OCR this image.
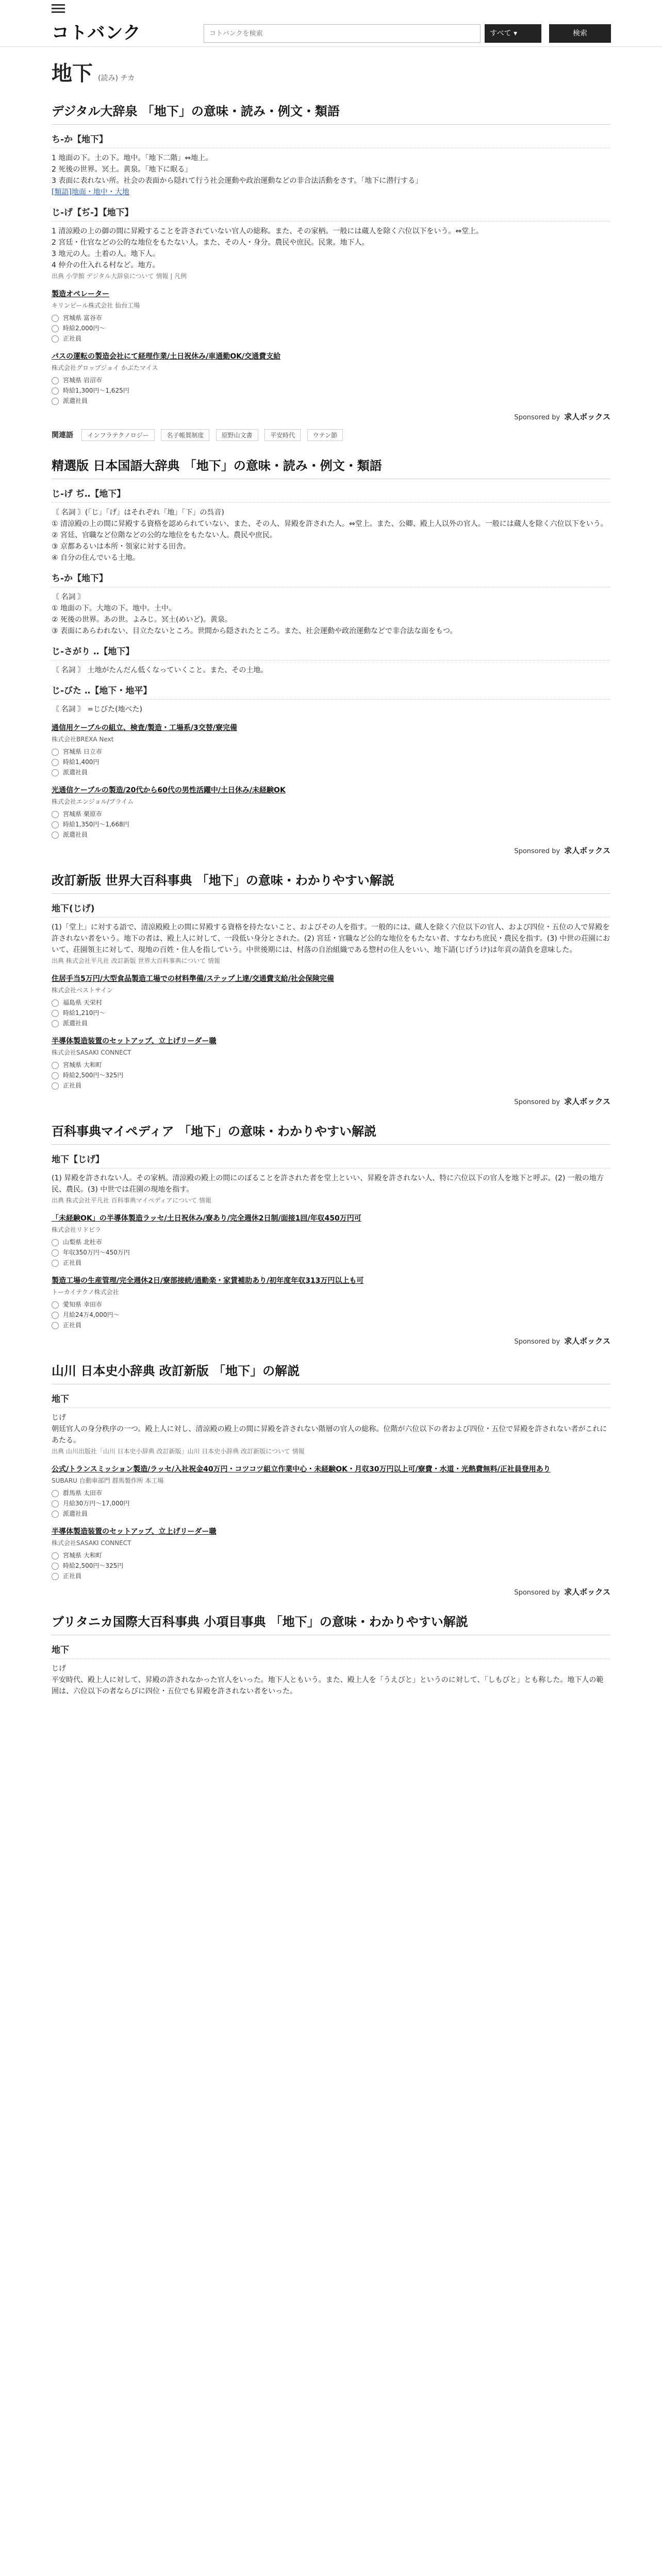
コトバンク
コトバンクを検索	すべて ▾	検索
地下 (読み) チカ
デジタル大辞泉 「地下」の意味・読み・例文・類語
ち-か【地下】
1 地面の下。土の下。地中。「地下二階」⇔地上。
2 死後の世界。冥土。黄泉。「地下に眠る」
3 表面に表れない所。社会の表面から隠れて行う社会運動や政治運動などの非合法活動をさす。「地下に潜行する」
[類語]地面・地中・大地
じ-げ【ぢ-】【地下】
1 清涼殿の上の御の間に昇殿することを許されていない官人の総称。また、その家柄。一般には蔵人を除く六位以下をいう。⇔堂上。
2 宮廷・仕官などの公的な地位をもたない人。また、その人・身分。農民や庶民。民衆。地下人。
3 地元の人。土着の人。地下人。
4 仲介の仕入れる村など。地方。
出典 小学館 デジタル大辞泉について 情報 | 凡例
製造オペレーター
キリンビール株式会社 仙台工場
宮城県 富谷市
時給2,000円〜
正社員
パスの運転の製造会社にて経理作業/土日祝休み/車通勤OK/交通費支給
株式会社グロップジョイ かぶたマイス
宮城県 岩沼市
時給1,300円〜1,625円
派遣社員
Sponsored by 求人ボックス
関連語 インフラテクノロジー	名子帳賀制度	原野山文書	平安時代	ウテン節
精選版 日本国語大辞典 「地下」の意味・読み・例文・類語
じ-げ ぢ‥【地下】
〘 名詞 〙(「じ」「げ」はそれぞれ「地」「下」の呉音)
① 清涼殿の上の間に昇殿する資格を認められていない、また、その人、昇殿を許された人。⇔堂上。また、公卿、殿上人以外の官人。一般には蔵人を除く六位以下をいう。
② 宮廷、官職など位階などの公的な地位をもたない人。農民や庶民。
③ 京都あるいは本所・領家に対する田舎。
④ 自分の住んでいる土地。
ち-か【地下】
〘 名詞 〙
① 地面の下。大地の下。地中。土中。
② 死後の世界。あの世。よみじ。冥土(めいど)。黄泉。
③ 表面にあらわれない、目立たないところ。世間から隠されたところ。また、社会運動や政治運動などで非合法な面をもつ。
じ-さがり ‥【地下】
〘 名詞 〙 土地がたんだん低くなっていくこと。また、その土地。
じ-びた ‥【地下・地平】
〘 名詞 〙 =じびた(地べた)
通信用ケーブルの組立、検査/製造・工場系/3交替/寮完備
株式会社BREXA Next
宮城県 日立市
時給1,400円
派遣社員
光通信ケーブルの製造/20代から60代の男性活躍中/土日休み/未経験OK
株式会社エンジョル/プライム
宮城県 栗原市
時給1,350円〜1,668円
派遣社員
Sponsored by 求人ボックス
改訂新版 世界大百科事典 「地下」の意味・わかりやすい解説
地下(じげ)
(1)「堂上」に対する語で、清涼殿殿上の間に昇殿する資格を持たないこと、およびその人を指す。一般的には、蔵人を除く六位以下の官人、および四位・五位の人で昇殿を許されない者をいう。地下の者は、殿上人に対して、一段低い身分とされた。(2) 宮廷・官職など公的な地位をもたない者、すなわち庶民・農民を指す。(3) 中世の荘園において、荘園領主に対して、現地の百姓・住人を指していう。中世後期には、村落の自治組織である惣村の住人をいい、地下請(じげうけ)は年貢の請負を意味した。
出典 株式会社平凡社 改訂新版 世界大百科事典について 情報
住居手当5万円/大型食品製造工場での材料準備/ステップ上達/交通費支給/社会保険完備
株式会社ベストサイン
福島県 天栄村
時給1,210円〜
派遣社員
半導体製造装置のセットアップ、立上げリーダー職
株式会社SASAKI CONNECT
宮城県 大和町
時給2,500円〜325円
正社員
Sponsored by 求人ボックス
百科事典マイペディア 「地下」の意味・わかりやすい解説
地下【じげ】
(1) 昇殿を許されない人。その家柄。清涼殿の殿上の間にのぼることを許された者を堂上といい、昇殿を許されない人、特に六位以下の官人を地下と呼ぶ。(2) 一般の地方民、農民。(3) 中世では荘園の現地を指す。
出典 株式会社平凡社 百科事典マイペディアについて 情報
「未経験OK」の半導体製造ラッセ/土日祝休み/寮あり/完全週休2日制/面接1回/年収450万円可
株式会社リドビラ
山梨県 北杜市
年収350万円〜450万円
正社員
製造工場の生産管理/完全週休2日/寮部接続/通勤楽・家賃補助あり/初年度年収313万円以上も可
トーカイテクノ株式会社
愛知県 幸田市
月給24万4,000円〜
正社員
Sponsored by 求人ボックス
山川 日本史小辞典 改訂新版 「地下」の解説
地下
じげ
朝廷官人の身分秩序の一つ。殿上人に対し、清涼殿の殿上の間に昇殿を許されない階層の官人の総称。位階が六位以下の者および四位・五位で昇殿を許されない者がこれにあたる。
出典 山川出版社「山川 日本史小辞典 改訂新版」山川 日本史小辞典 改訂新版について 情報
公式/トランスミッション製造/ラッセ/入社祝金40万円・コツコツ組立作業中心・未経験OK・月収30万円以上可/寮費・水道・光熱費無料/正社員登用あり
SUBARU 自動車部門 群馬製作所 本工場
群馬県 太田市
月給30万円〜17,000円
派遣社員
半導体製造装置のセットアップ、立上げリーダー職
株式会社SASAKI CONNECT
宮城県 大和町
時給2,500円〜325円
正社員
Sponsored by 求人ボックス
ブリタニカ国際大百科事典 小項目事典 「地下」の意味・わかりやすい解説
地下
じげ
平安時代、殿上人に対して、昇殿の許されなかった官人をいった。地下人ともいう。また、殿上人を「うえびと」というのに対して、「しもびと」とも称した。地下人の範囲は、六位以下の者ならびに四位・五位でも昇殿を許されない者をいった。
